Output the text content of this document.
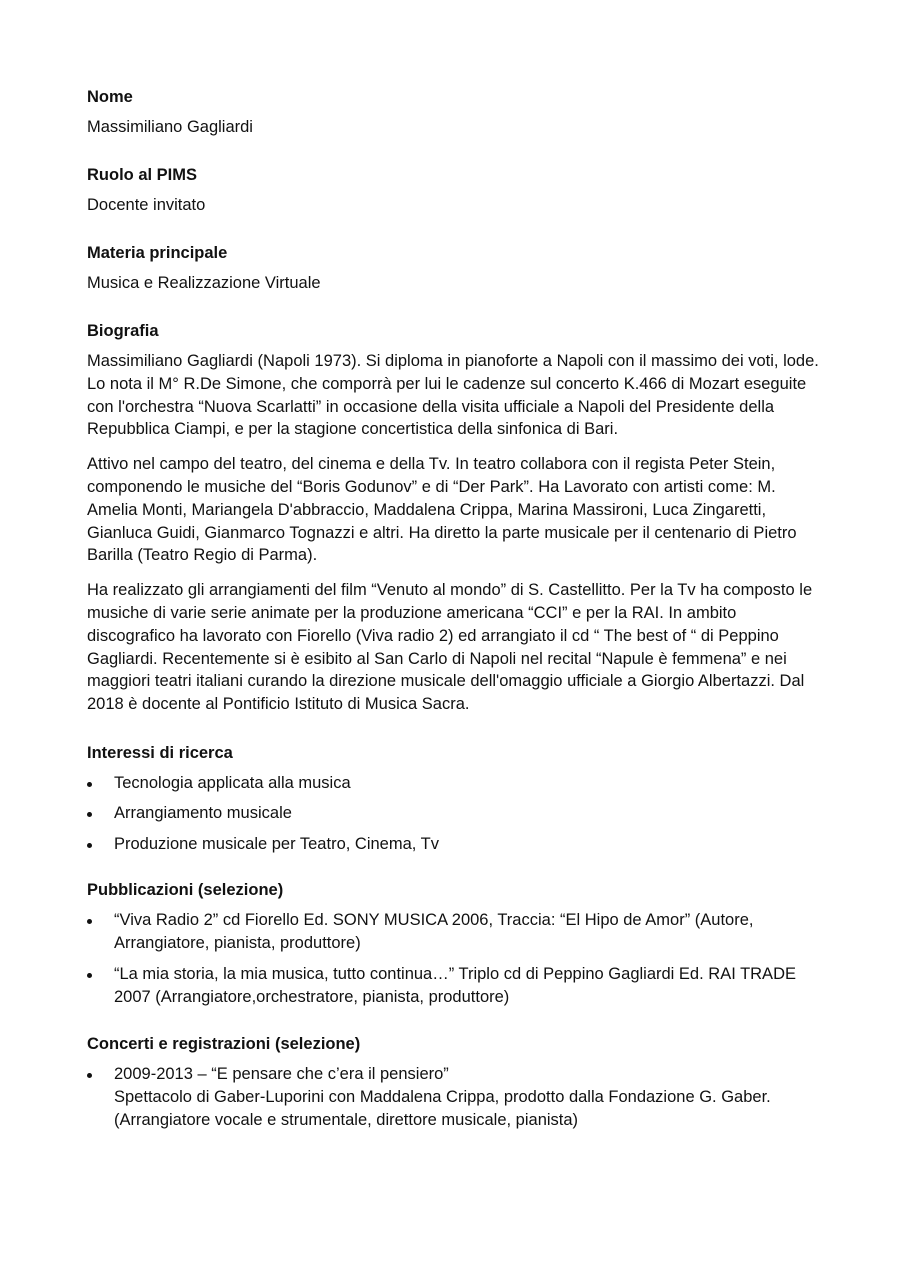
Nome
Massimiliano Gagliardi
Ruolo al PIMS
Docente invitato
Materia principale
Musica e Realizzazione Virtuale
Biografia

Massimiliano Gagliardi (Napoli 1973). Si diploma in pianoforte a Napoli con il massimo dei voti, lode. Lo nota il M° R.De Simone, che comporrà per lui le cadenze sul concerto K.466 di Mozart eseguite con l'orchestra “Nuova Scarlatti” in occasione della visita ufficiale a Napoli del Presidente della Repubblica Ciampi, e per la stagione concertistica della sinfonica di Bari.

Attivo nel campo del teatro, del cinema e della Tv. In teatro collabora con il regista Peter Stein, componendo le musiche del “Boris Godunov” e di “Der Park”. Ha Lavorato con artisti come: M. Amelia Monti, Mariangela D'abbraccio, Maddalena Crippa, Marina Massironi, Luca Zingaretti, Gianluca Guidi, Gianmarco Tognazzi e altri. Ha diretto la parte musicale per il centenario di Pietro Barilla (Teatro Regio di Parma).

Ha realizzato gli arrangiamenti del film “Venuto al mondo” di S. Castellitto. Per la Tv ha composto le musiche di varie serie animate per la produzione americana “CCI” e per la RAI. In ambito discografico ha lavorato con Fiorello (Viva radio 2) ed arrangiato il cd “ The best of “ di Peppino Gagliardi. Recentemente si è esibito al San Carlo di Napoli nel recital “Napule è femmena” e nei maggiori teatri italiani curando la direzione musicale dell'omaggio ufficiale a Giorgio Albertazzi. Dal 2018 è docente al Pontificio Istituto di Musica Sacra.

Interessi di ricerca
Tecnologia applicata alla musica
Arrangiamento musicale
Produzione musicale per Teatro, Cinema, Tv
Pubblicazioni (selezione)
“Viva Radio 2” cd Fiorello Ed. SONY MUSICA 2006, Traccia: “El Hipo de Amor” (Autore, Arrangiatore, pianista, produttore)
“La mia storia, la mia musica, tutto continua…” Triplo cd di Peppino Gagliardi Ed. RAI TRADE 2007 (Arrangiatore,orchestratore, pianista, produttore)
Concerti e registrazioni (selezione)
2009-2013 – “E pensare che c’era il pensiero”
Spettacolo di Gaber-Luporini con Maddalena Crippa, prodotto dalla Fondazione G. Gaber. (Arrangiatore vocale e strumentale, direttore musicale, pianista)
